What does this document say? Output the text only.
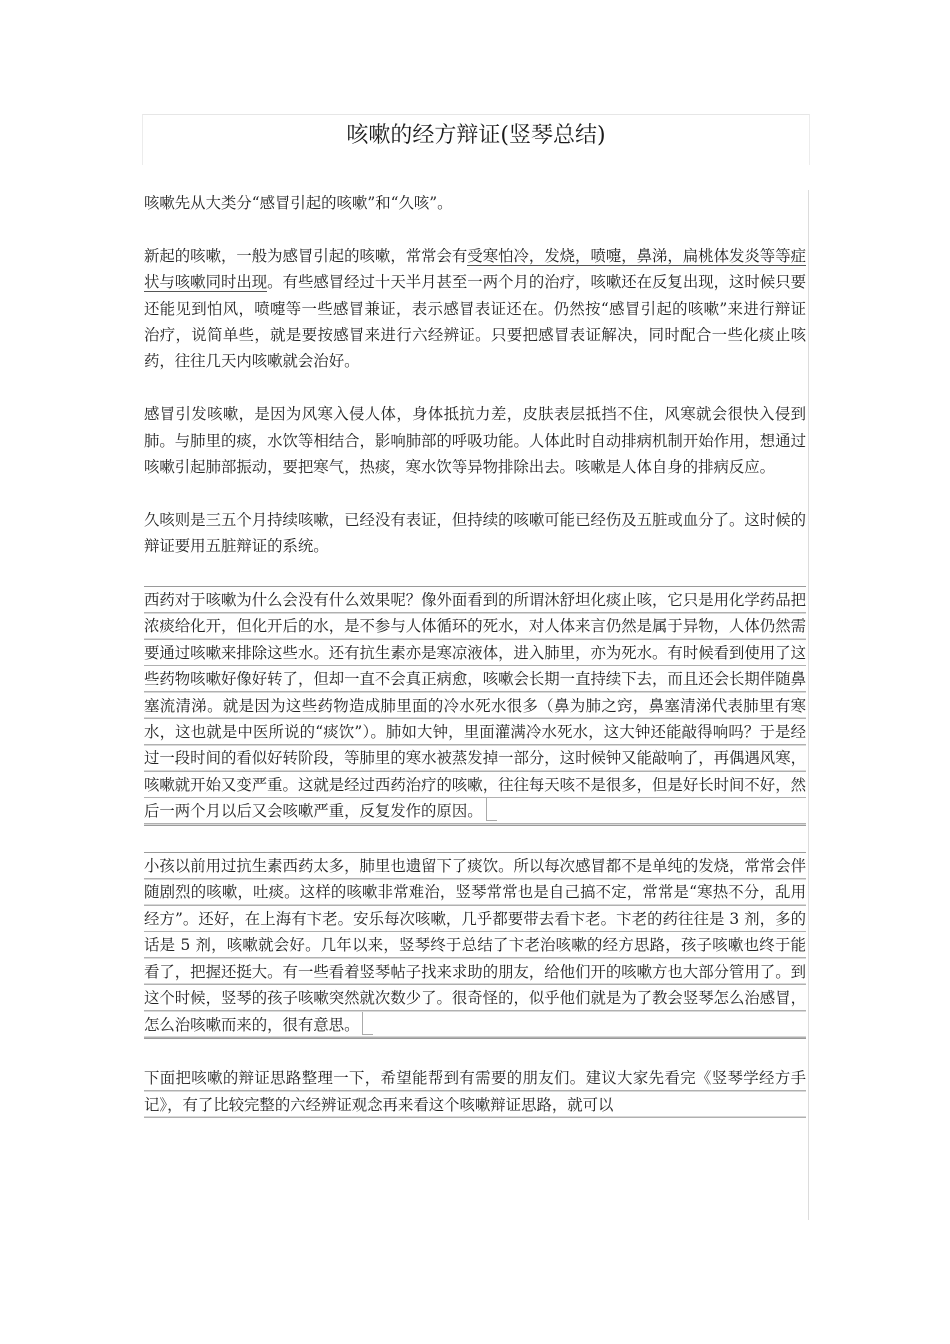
咳嗽的经方辩证(竖琴总结)

咳嗽先从大类分“感冒引起的咳嗽”和“久咳”。

新起的咳嗽，一般为感冒引起的咳嗽，常常会有受寒怕冷，发烧，喷嚏，鼻涕，扁桃体发炎等等症状与咳嗽同时出现。有些感冒经过十天半月甚至一两个月的治疗，咳嗽还在反复出现，这时候只要还能见到怕风，喷嚏等一些感冒兼证，表示感冒表证还在。仍然按“感冒引起的咳嗽”来进行辩证治疗，说简单些，就是要按感冒来进行六经辨证。只要把感冒表证解决，同时配合一些化痰止咳药，往往几天内咳嗽就会治好。

感冒引发咳嗽，是因为风寒入侵人体，身体抵抗力差，皮肤表层抵挡不住，风寒就会很快入侵到肺。与肺里的痰，水饮等相结合，影响肺部的呼吸功能。人体此时自动排病机制开始作用，想通过咳嗽引起肺部振动，要把寒气，热痰，寒水饮等异物排除出去。咳嗽是人体自身的排病反应。

久咳则是三五个月持续咳嗽，已经没有表证，但持续的咳嗽可能已经伤及五脏或血分了。这时候的辩证要用五脏辩证的系统。

西药对于咳嗽为什么会没有什么效果呢？像外面看到的所谓沐舒坦化痰止咳，它只是用化学药品把浓痰给化开，但化开后的水，是不参与人体循环的死水，对人体来言仍然是属于异物，人体仍然需要通过咳嗽来排除这些水。还有抗生素亦是寒凉液体，进入肺里，亦为死水。有时候看到使用了这些药物咳嗽好像好转了，但却一直不会真正病愈，咳嗽会长期一直持续下去，而且还会长期伴随鼻塞流清涕。就是因为这些药物造成肺里面的冷水死水很多（鼻为肺之窍，鼻塞清涕代表肺里有寒水，这也就是中医所说的“痰饮”）。肺如大钟，里面灌满冷水死水，这大钟还能敲得响吗？于是经过一段时间的看似好转阶段，等肺里的寒水被蒸发掉一部分，这时候钟又能敲响了，再偶遇风寒，咳嗽就开始又变严重。这就是经过西药治疗的咳嗽，往往每天咳不是很多，但是好长时间不好，然后一两个月以后又会咳嗽严重，反复发作的原因。

小孩以前用过抗生素西药太多，肺里也遗留下了痰饮。所以每次感冒都不是单纯的发烧，常常会伴随剧烈的咳嗽，吐痰。这样的咳嗽非常难治，竖琴常常也是自己搞不定，常常是“寒热不分，乱用经方”。还好，在上海有卞老。安乐每次咳嗽，几乎都要带去看卞老。卞老的药往往是 3 剂，多的话是 5 剂，咳嗽就会好。几年以来，竖琴终于总结了卞老治咳嗽的经方思路，孩子咳嗽也终于能看了，把握还挺大。有一些看着竖琴帖子找来求助的朋友，给他们开的咳嗽方也大部分管用了。到这个时候，竖琴的孩子咳嗽突然就次数少了。很奇怪的，似乎他们就是为了教会竖琴怎么治感冒，怎么治咳嗽而来的，很有意思。

下面把咳嗽的辩证思路整理一下，希望能帮到有需要的朋友们。建议大家先看完《竖琴学经方手记》，有了比较完整的六经辨证观念再来看这个咳嗽辩证思路，就可以
